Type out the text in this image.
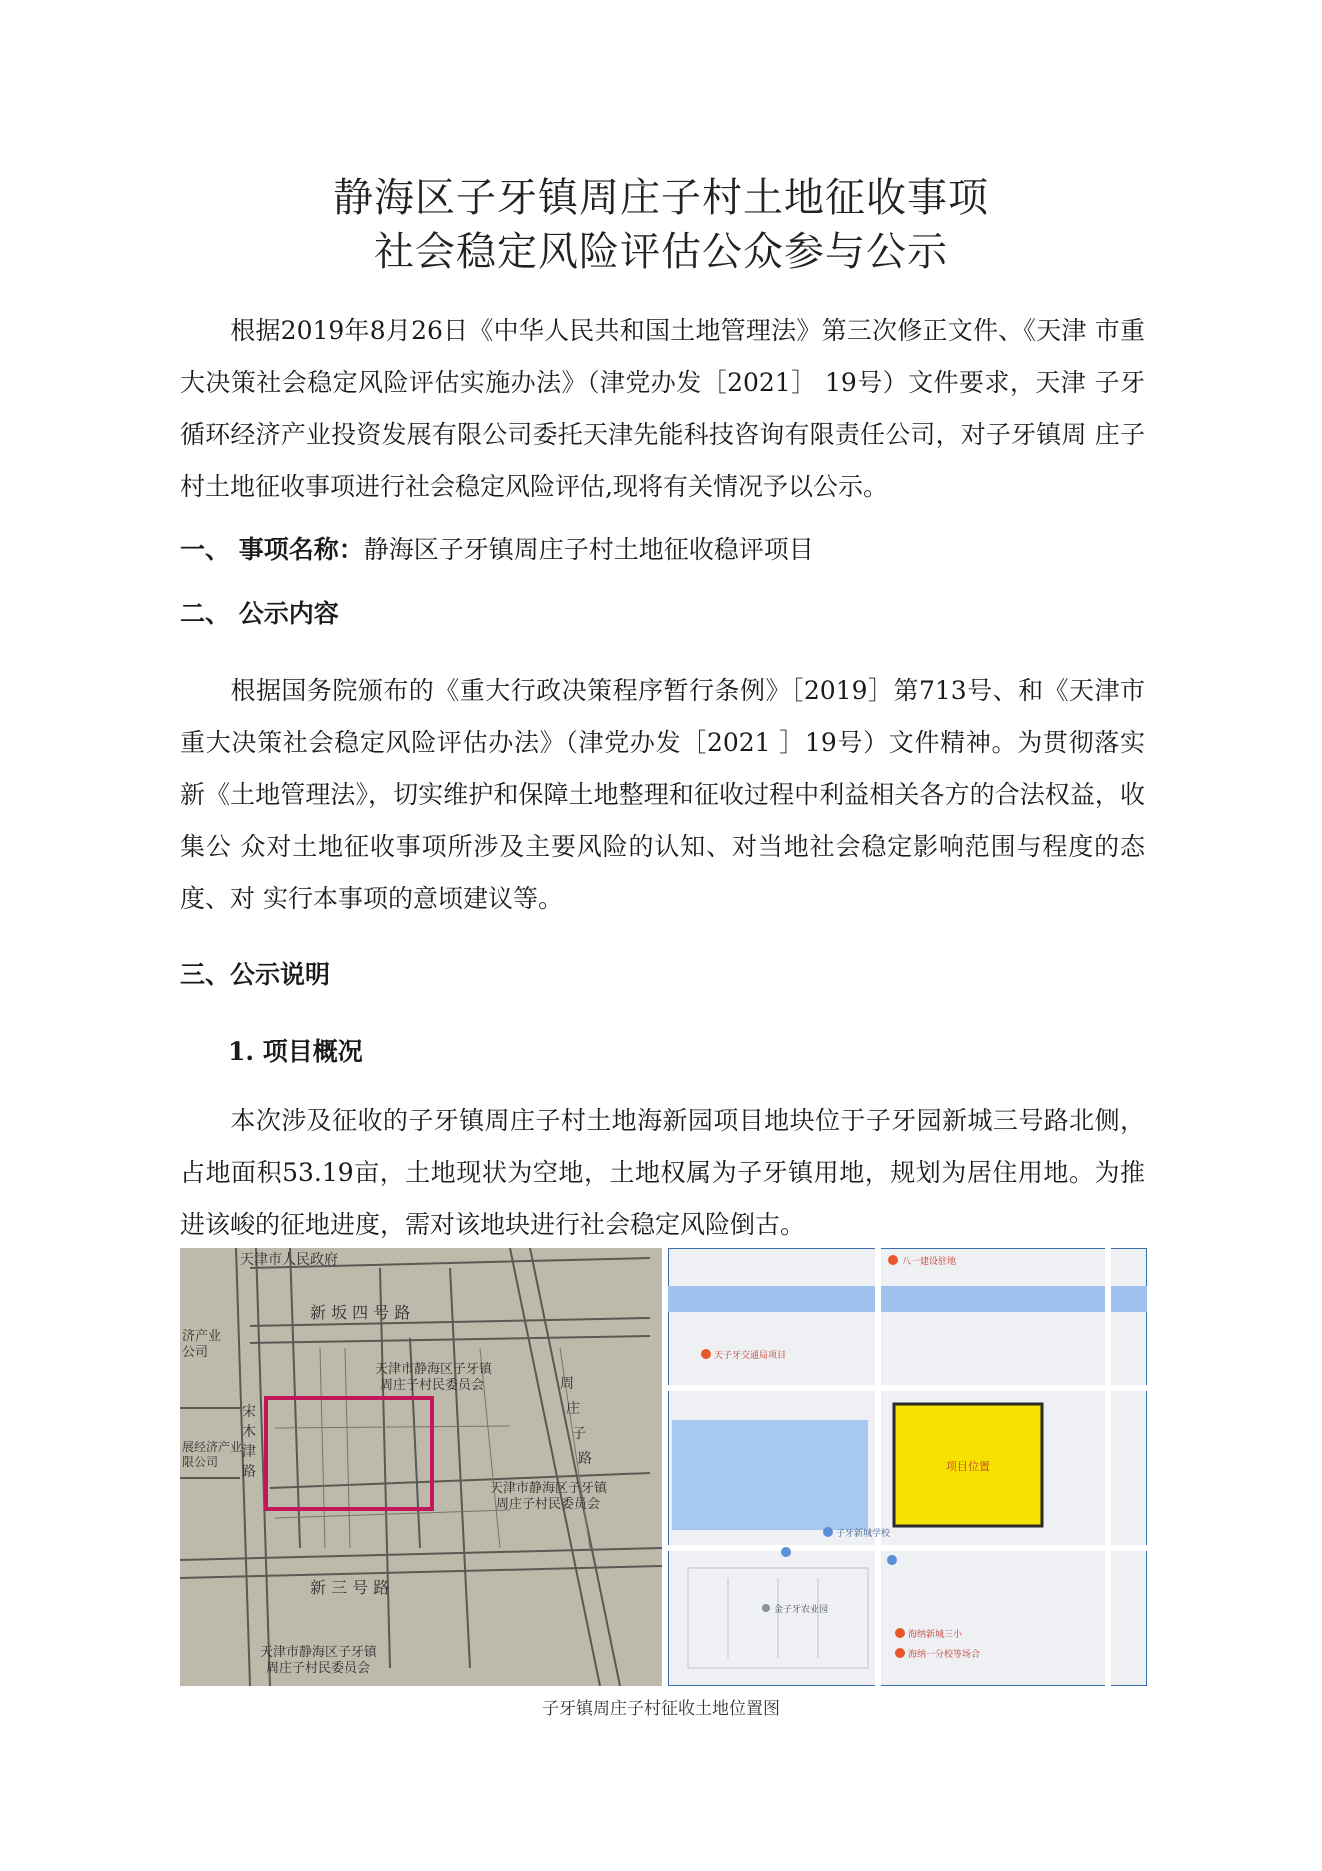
静海区子牙镇周庄子村土地征收事项
社会稳定风险评估公众参与公示
根据2019年8月26日《中华人民共和国土地管理法》第三次修正文件、《天津 市重大决策社会稳定风险评估实施办法》（津党办发［2021］ 19号）文件要求，天津 子牙循环经济产业投资发展有限公司委托天津先能科技咨询有限责任公司，对子牙镇周 庄子村土地征收事项进行社会稳定风险评估,现将有关情况予以公示。
一、 事项名称：静海区子牙镇周庄子村土地征收稳评项目
二、 公示内容
根据国务院颁布的《重大行政决策程序暂行条例》［2019］第713号、和《天津市重大决策社会稳定风险评估办法》（津党办发［2021 ］19号）文件精神。为贯彻落实新《土地管理法》，切实维护和保障土地整理和征收过程中利益相关各方的合法权益，收集公 众对土地征收事项所涉及主要风险的认知、对当地社会稳定影响范围与程度的态度、对 实行本事项的意顷建议等。
三、公示说明
1. 项目概况
本次涉及征收的子牙镇周庄子村土地海新园项目地块位于子牙园新城三号路北侧， 占地面积53.19亩，土地现状为空地，土地权属为子牙镇用地，规划为居住用地。为推 进该峻的征地进度，需对该地块进行社会稳定风险倒古。
天津市人民政府
新 坂 四 号 路
新 三 号 路
济产业
公司
展经济产业
限公司
天津市静海区子牙镇
周庄子村民委员会
天津市静海区子牙镇
周庄子村民委员会
天津市静海区子牙镇
周庄子村民委员会
宋
木
津
路
周
庄
子
路	项目位置
八一建设驻地
天子牙交通局项目
子牙新城学校
金子牙农业园
海纳新城三小
海纳一分校等场合
子牙镇周庄子村征收土地位置图
